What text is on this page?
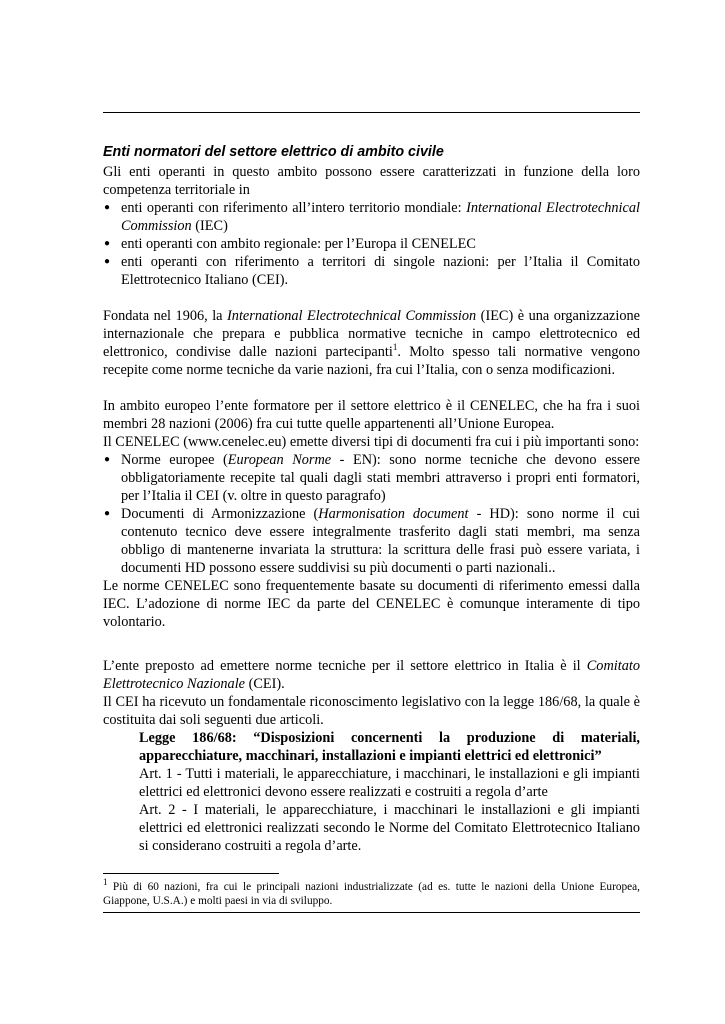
Enti normatori del settore elettrico di ambito civile

Gli enti operanti in questo ambito possono essere caratterizzati in funzione della loro competenza territoriale in

● enti operanti con riferimento all’intero territorio mondiale: International Electrotechnical Commission (IEC)
● enti operanti con ambito regionale: per l’Europa il CENELEC
● enti operanti con riferimento a territori di singole nazioni: per l’Italia il Comitato Elettrotecnico Italiano (CEI).

Fondata nel 1906, la International Electrotechnical Commission (IEC) è una organizzazione internazionale che prepara e pubblica normative tecniche in campo elettrotecnico ed elettronico, condivise dalle nazioni partecipanti$^1$. Molto spesso tali normative vengono recepite come norme tecniche da varie nazioni, fra cui l’Italia, con o senza modificazioni.

In ambito europeo l’ente formatore per il settore elettrico è il CENELEC, che ha fra i suoi membri 28 nazioni (2006) fra cui tutte quelle appartenenti all’Unione Europea.

Il CENELEC (www.cenelec.eu) emette diversi tipi di documenti fra cui i più importanti sono:

● Norme europee (European Norme - EN): sono norme tecniche che devono essere obbligatoriamente recepite tal quali dagli stati membri attraverso i propri enti formatori, per l’Italia il CEI (v. oltre in questo paragrafo)
● Documenti di Armonizzazione (Harmonisation document - HD): sono norme il cui contenuto tecnico deve essere integralmente trasferito dagli stati membri, ma senza obbligo di mantenerne invariata la struttura: la scrittura delle frasi può essere variata, i documenti HD possono essere suddivisi su più documenti o parti nazionali..

Le norme CENELEC sono frequentemente basate su documenti di riferimento emessi dalla IEC. L’adozione di norme IEC da parte del CENELEC è comunque interamente di tipo volontario.

L’ente preposto ad emettere norme tecniche per il settore elettrico in Italia è il Comitato Elettrotecnico Nazionale (CEI).

Il CEI ha ricevuto un fondamentale riconoscimento legislativo con la legge 186/68, la quale è costituita dai soli seguenti due articoli.

Legge 186/68: “Disposizioni concernenti la produzione di materiali, apparecchiature, macchinari, installazioni e impianti elettrici ed elettronici”

Art. 1 - Tutti i materiali, le apparecchiature, i macchinari, le installazioni e gli impianti elettrici ed elettronici devono essere realizzati e costruiti a regola d’arte

Art. 2 - I materiali, le apparecchiature, i macchinari le installazioni e gli impianti elettrici ed elettronici realizzati secondo le Norme del Comitato Elettrotecnico Italiano si considerano costruiti a regola d’arte.

$^1$ Più di 60 nazioni, fra cui le principali nazioni industrializzate (ad es. tutte le nazioni della Unione Europea, Giappone, U.S.A.) e molti paesi in via di sviluppo.
